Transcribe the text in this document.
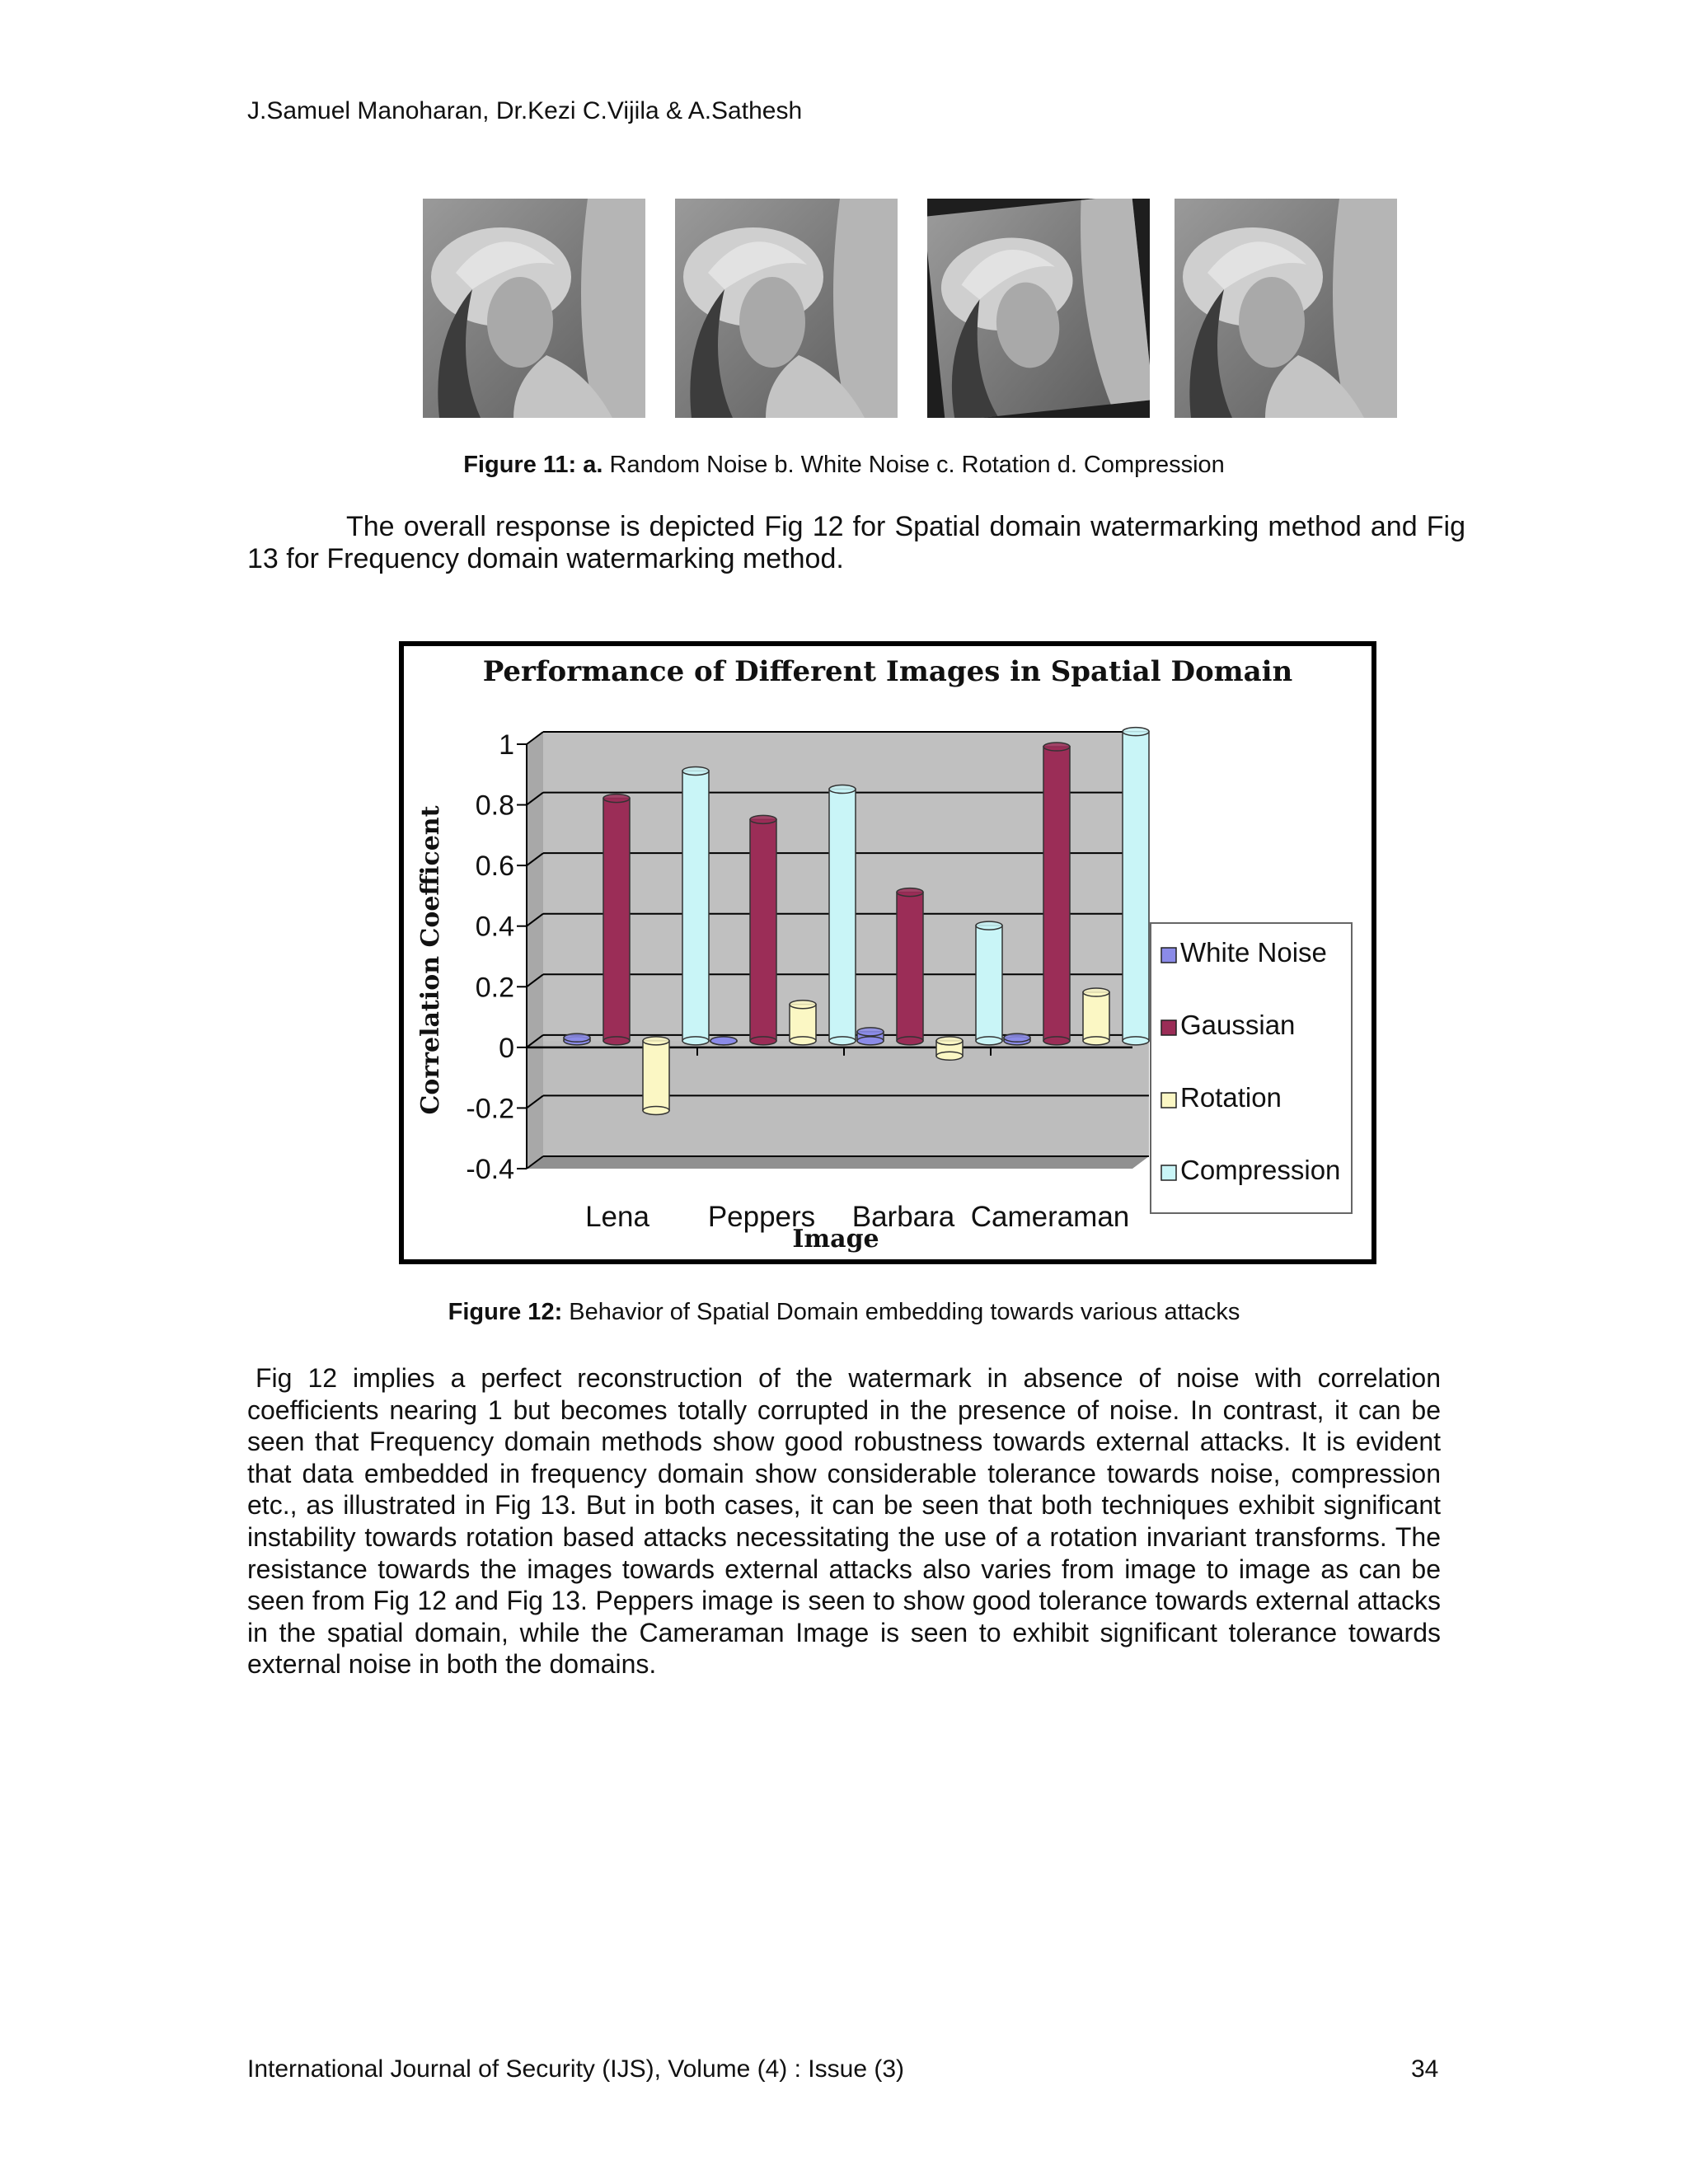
J.Samuel Manoharan, Dr.Kezi C.Vijila & A.Sathesh
Figure 11: a. Random Noise b. White Noise c. Rotation d. Compression
The overall response is depicted Fig 12 for Spatial domain watermarking method and Fig 13 for Frequency domain watermarking method.
Performance of Different Images in Spatial Domain
1
0.8
0.6
0.4
0.2
0
-0.2
-0.4
Lena Peppers Barbara Cameraman
Correlation Coefficent
Image
White Noise
Gaussian
Rotation
Compression
Figure 12: Behavior of Spatial Domain embedding towards various attacks
Fig 12 implies a perfect reconstruction of the watermark in absence of noise with correlation coefficients nearing 1 but becomes totally corrupted in the presence of noise. In contrast, it can be seen that Frequency domain methods show good robustness towards external attacks. It is evident that data embedded in frequency domain show considerable tolerance towards noise, compression etc., as illustrated in Fig 13. But in both cases, it can be seen that both techniques exhibit significant instability towards rotation based attacks necessitating the use of a rotation invariant transforms. The resistance towards the images towards external attacks also varies from image to image as can be seen from Fig 12 and Fig 13. Peppers image is seen to show good tolerance towards external attacks in the spatial domain, while the Cameraman Image is seen to exhibit significant tolerance towards external noise in both the domains.
International Journal of Security (IJS), Volume (4) : Issue (3)	34
